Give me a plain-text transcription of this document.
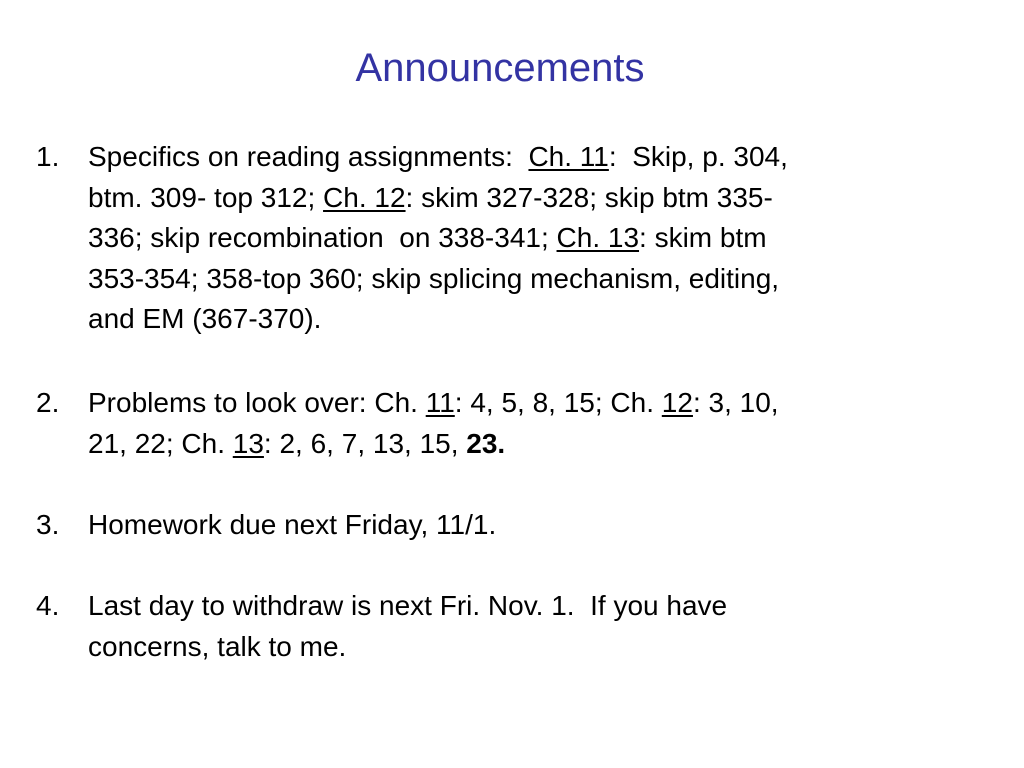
Announcements
1. Specifics on reading assignments:  Ch. 11:  Skip, p. 304,
btm. 309- top 312; Ch. 12: skim 327-328; skip btm 335-
336; skip recombination  on 338-341; Ch. 13: skim btm
353-354; 358-top 360; skip splicing mechanism, editing,
and EM (367-370).
2. Problems to look over: Ch. 11: 4, 5, 8, 15; Ch. 12: 3, 10,
21, 22; Ch. 13: 2, 6, 7, 13, 15, 23.
3. Homework due next Friday, 11/1.
4. Last day to withdraw is next Fri. Nov. 1.  If you have
concerns, talk to me.
